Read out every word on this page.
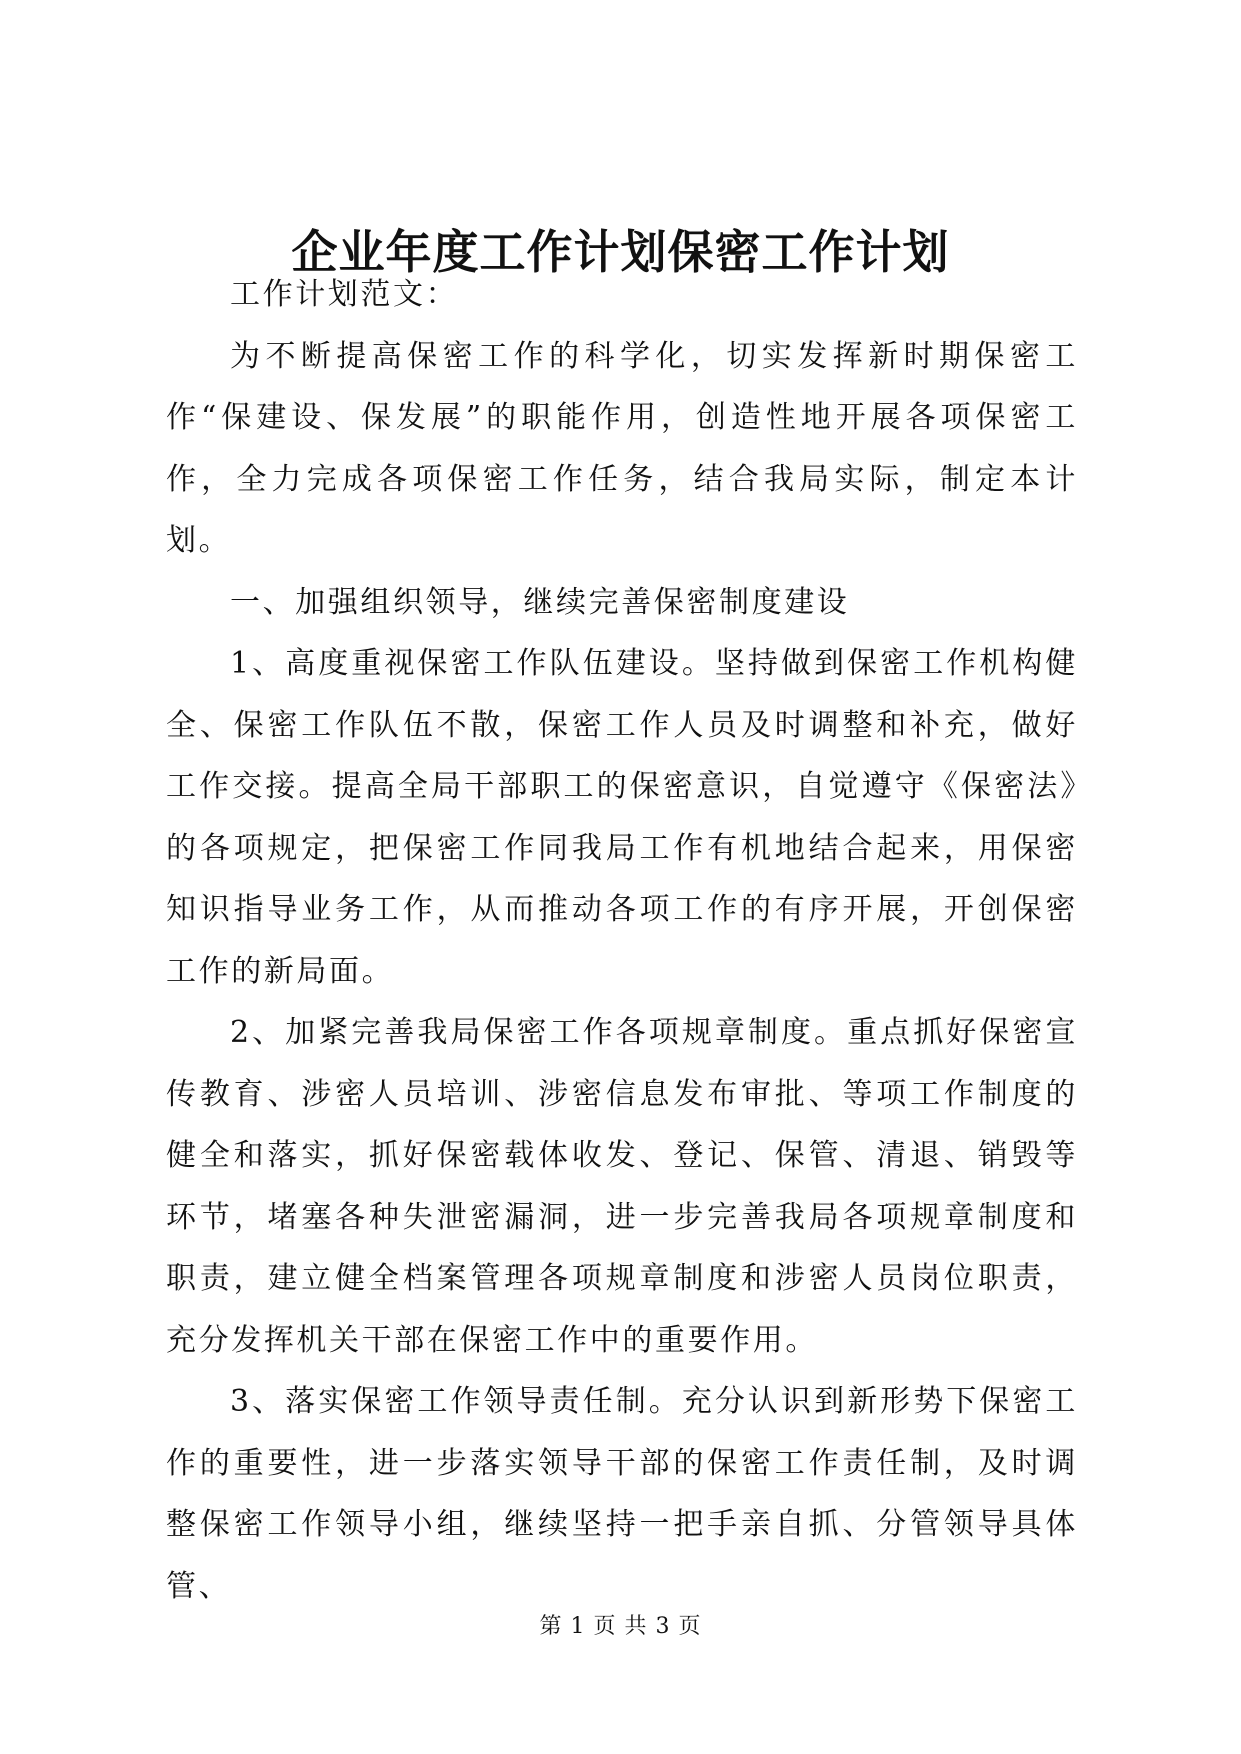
企业年度工作计划保密工作计划

工作计划范文：

为不断提高保密工作的科学化，切实发挥新时期保密工作“保建设、保发展”的职能作用，创造性地开展各项保密工作，全力完成各项保密工作任务，结合我局实际，制定本计划。

一、加强组织领导，继续完善保密制度建设

1、高度重视保密工作队伍建设。坚持做到保密工作机构健全、保密工作队伍不散，保密工作人员及时调整和补充，做好工作交接。提高全局干部职工的保密意识，自觉遵守《保密法》的各项规定，把保密工作同我局工作有机地结合起来，用保密知识指导业务工作，从而推动各项工作的有序开展，开创保密工作的新局面。

2、加紧完善我局保密工作各项规章制度。重点抓好保密宣传教育、涉密人员培训、涉密信息发布审批、等项工作制度的健全和落实，抓好保密载体收发、登记、保管、清退、销毁等环节，堵塞各种失泄密漏洞，进一步完善我局各项规章制度和职责，建立健全档案管理各项规章制度和涉密人员岗位职责，充分发挥机关干部在保密工作中的重要作用。

3、落实保密工作领导责任制。充分认识到新形势下保密工作的重要性，进一步落实领导干部的保密工作责任制，及时调整保密工作领导小组，继续坚持一把手亲自抓、分管领导具体管、

第 1 页 共 3 页
